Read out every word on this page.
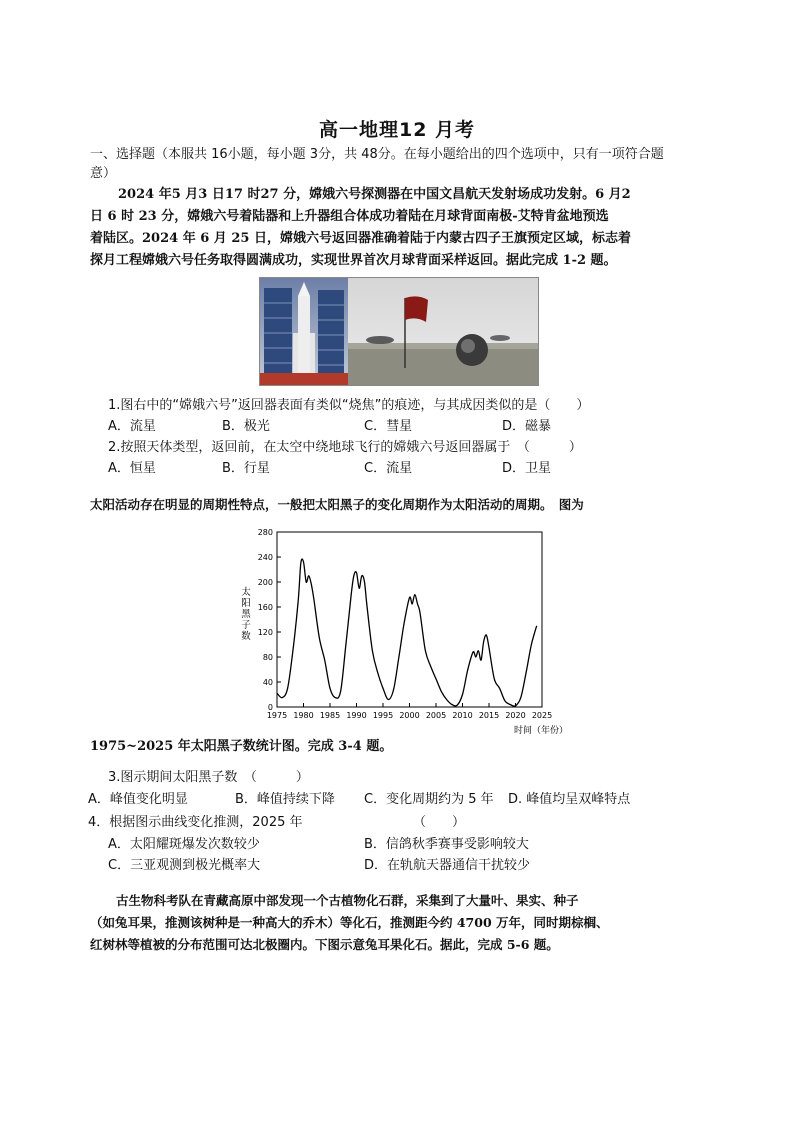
高一地理12 月考
一、选择题（本服共 16小题，每小题 3分，共 48分。在每小题给出的四个选项中，只有一项符合题
意）
2024 年5 月3 日17 时27 分，嫦娥六号探测器在中国文昌航天发射场成功发射。6 月2
日 6 时 23 分，嫦娥六号着陆器和上升器组合体成功着陆在月球背面南极-艾特肯盆地预选
着陆区。2024 年 6 月 25 日，嫦娥六号返回器准确着陆于内蒙古四子王旗预定区域，标志着
探月工程嫦娥六号任务取得圆满成功，实现世界首次月球背面采样返回。据此完成 1-2 题。
1.图右中的“嫦娥六号”返回器表面有类似“烧焦”的痕迹，与其成因类似的是（　　）
A．流星	B．极光	C．彗星	D．磁暴
2.按照天体类型，返回前，在太空中绕地球飞行的嫦娥六号返回器属于　（　　　）
A．恒星	B．行星	C．流星	D．卫星
太阳活动存在明显的周期性特点，一般把太阳黑子的变化周期作为太阳活动的周期。　图为
0
40
80
120
160
200
240
280
1975 1980 1985 1990 1995 2000 2005 2010 2015 2020 2025
太
阳
黑
子
数
时间（年份）
1975~2025 年太阳黑子数统计图。完成 3-4 题。
3.图示期间太阳黑子数　（　　　）
A．峰值变化明显	B．峰值持续下降 C．变化周期约为 5 年 D. 峰值均呈双峰特点
4．根据图示曲线变化推测，2025 年	（　　）
A．太阳耀斑爆发次数较少	B．信鸽秋季赛事受影响较大
C．三亚观测到极光概率大	D．在轨航天器通信干扰较少
古生物科考队在青藏高原中部发现一个古植物化石群，采集到了大量叶、果实、种子
（如兔耳果，推测该树种是一种高大的乔木）等化石，推测距今约 4700 万年，同时期棕榈、
红树林等植被的分布范围可达北极圈内。下图示意兔耳果化石。据此，完成 5-6 题。
